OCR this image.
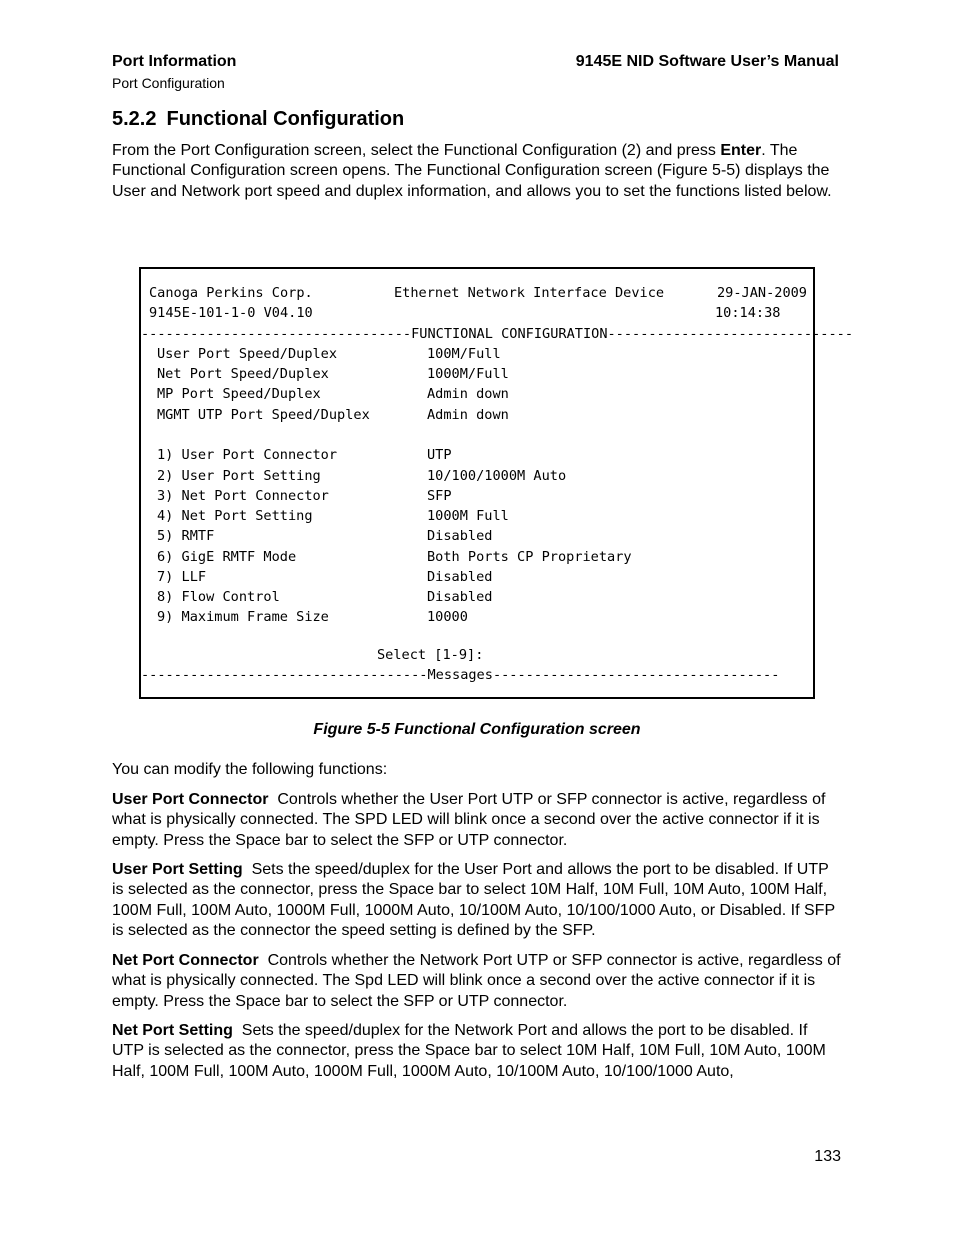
Port Information
Port Configuration
9145E NID Software User’s Manual
5.2.2 Functional Configuration

From the Port Configuration screen, select the Functional Configuration (2) and press Enter. The Functional Configuration screen opens. The Functional Configuration screen (Figure 5-5) displays the User and Network port speed and duplex information, and allows you to set the functions listed below.

Canoga Perkins Corp.	Ethernet Network Interface Device	29-JAN-2009
9145E-101-1-0 V04.10	10:14:38
---------------------------------FUNCTIONAL CONFIGURATION------------------------------
User Port Speed/Duplex	100M/Full
Net Port Speed/Duplex	1000M/Full
MP Port Speed/Duplex	Admin down
MGMT UTP Port Speed/Duplex	Admin down
1) User Port Connector	UTP
2) User Port Setting	10/100/1000M Auto
3) Net Port Connector	SFP
4) Net Port Setting	1000M Full
5) RMTF	Disabled
6) GigE RMTF Mode	Both Ports CP Proprietary
7) LLF	Disabled
8) Flow Control	Disabled
9) Maximum Frame Size	10000
Select [1-9]:
-----------------------------------Messages-----------------------------------
Figure 5-5 Functional Configuration screen

You can modify the following functions:

User Port Connector Controls whether the User Port UTP or SFP connector is active, regardless of what is physically connected. The SPD LED will blink once a second over the active connector if it is empty. Press the Space bar to select the SFP or UTP connector.

User Port Setting Sets the speed/duplex for the User Port and allows the port to be disabled. If UTP is selected as the connector, press the Space bar to select 10M Half, 10M Full, 10M Auto, 100M Half, 100M Full, 100M Auto, 1000M Full, 1000M Auto, 10/100M Auto, 10/100/1000 Auto, or Disabled. If SFP is selected as the connector the speed setting is defined by the SFP.

Net Port Connector Controls whether the Network Port UTP or SFP connector is active, regardless of what is physically connected. The Spd LED will blink once a second over the active connector if it is empty. Press the Space bar to select the SFP or UTP connector.

Net Port Setting Sets the speed/duplex for the Network Port and allows the port to be disabled. If UTP is selected as the connector, press the Space bar to select 10M Half, 10M Full, 10M Auto, 100M Half, 100M Full, 100M Auto, 1000M Full, 1000M Auto, 10/100M Auto, 10/100/1000 Auto,

133
